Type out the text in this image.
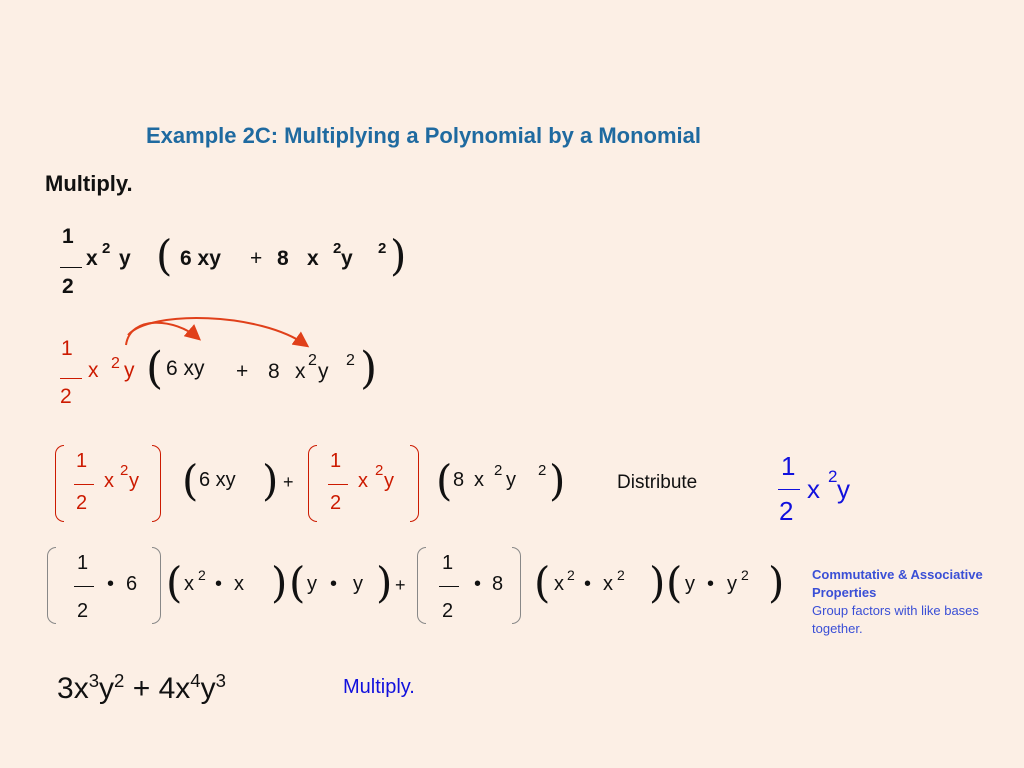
Example 2C: Multiplying a Polynomial by a Monomial
Multiply.
1
2
x 2 y ( 6 xy + 8 x 2 y 2 )
1
2
x 2 y ( 6 xy + 8 x 2 y 2 )
1
2
x 2 y ( 6 xy ) +
1
2
x 2 y ( 8 x 2 y 2 )	Distribute
1
2
x 2 y
1
2
• 6 ( x 2 • x ) ( y • y ) +
1
2
• 8 ( x 2 • x 2 ) ( y • y 2 ) Commutative & Associative
Properties
Group factors with like bases
together.
$3x^3y^2 + 4x^4y^3$	Multiply.
